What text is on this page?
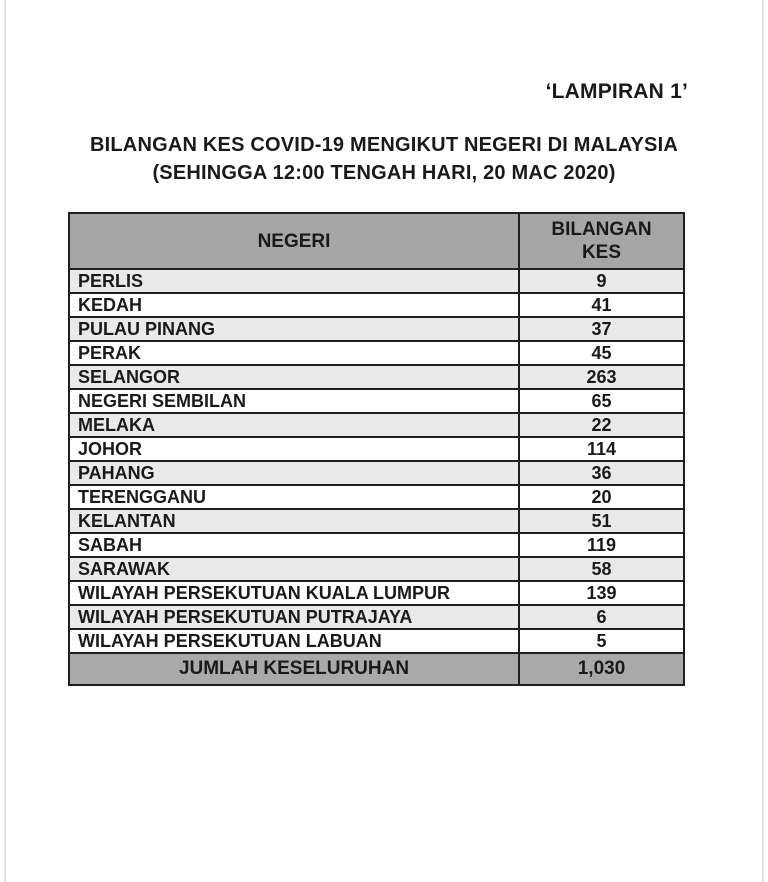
‘LAMPIRAN 1’
BILANGAN KES COVID-19 MENGIKUT NEGERI DI MALAYSIA
(SEHINGGA 12:00 TENGAH HARI, 20 MAC 2020)
NEGERI	BILANGAN
KES

PERLIS	9
KEDAH	41
PULAU PINANG	37
PERAK	45
SELANGOR	263
NEGERI SEMBILAN	65
MELAKA	22
JOHOR	114
PAHANG	36
TERENGGANU	20
KELANTAN	51
SABAH	119
SARAWAK	58
WILAYAH PERSEKUTUAN KUALA LUMPUR	139
WILAYAH PERSEKUTUAN PUTRAJAYA	6
WILAYAH PERSEKUTUAN LABUAN	5
JUMLAH KESELURUHAN	1,030
